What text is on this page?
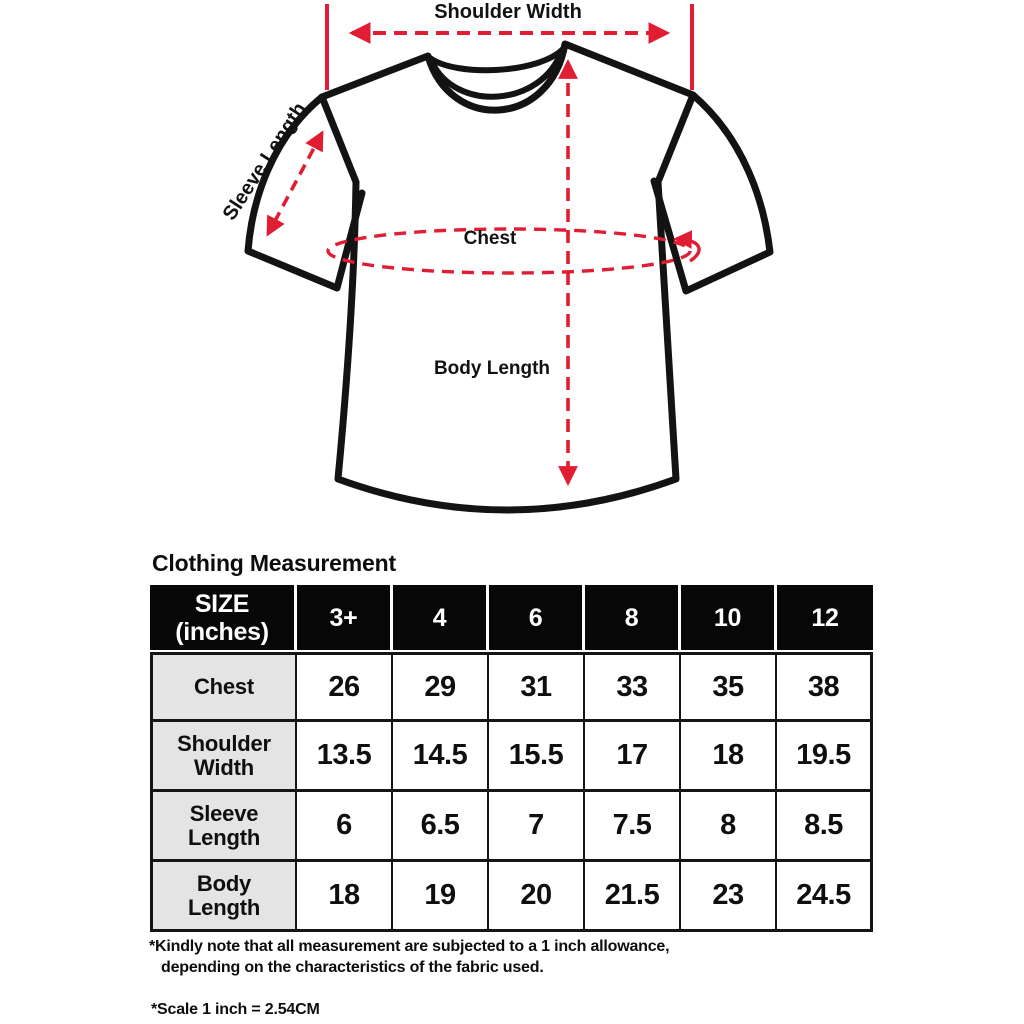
Shoulder Width
Sleeve Length
Chest
Body Length
Clothing Measurement
SIZE
(inches)	3+	4	6	8	10	12

Chest	26	29	31	33	35	38

Shoulder
Width	13.5	14.5	15.5	17	18	19.5

Sleeve
Length	6	6.5	7	7.5	8	8.5

Body
Length	18	19	20	21.5	23	24.5
*Kindly note that all measurement are subjected to a 1 inch allowance,
depending on the characteristics of the fabric used.
*Scale 1 inch = 2.54CM
